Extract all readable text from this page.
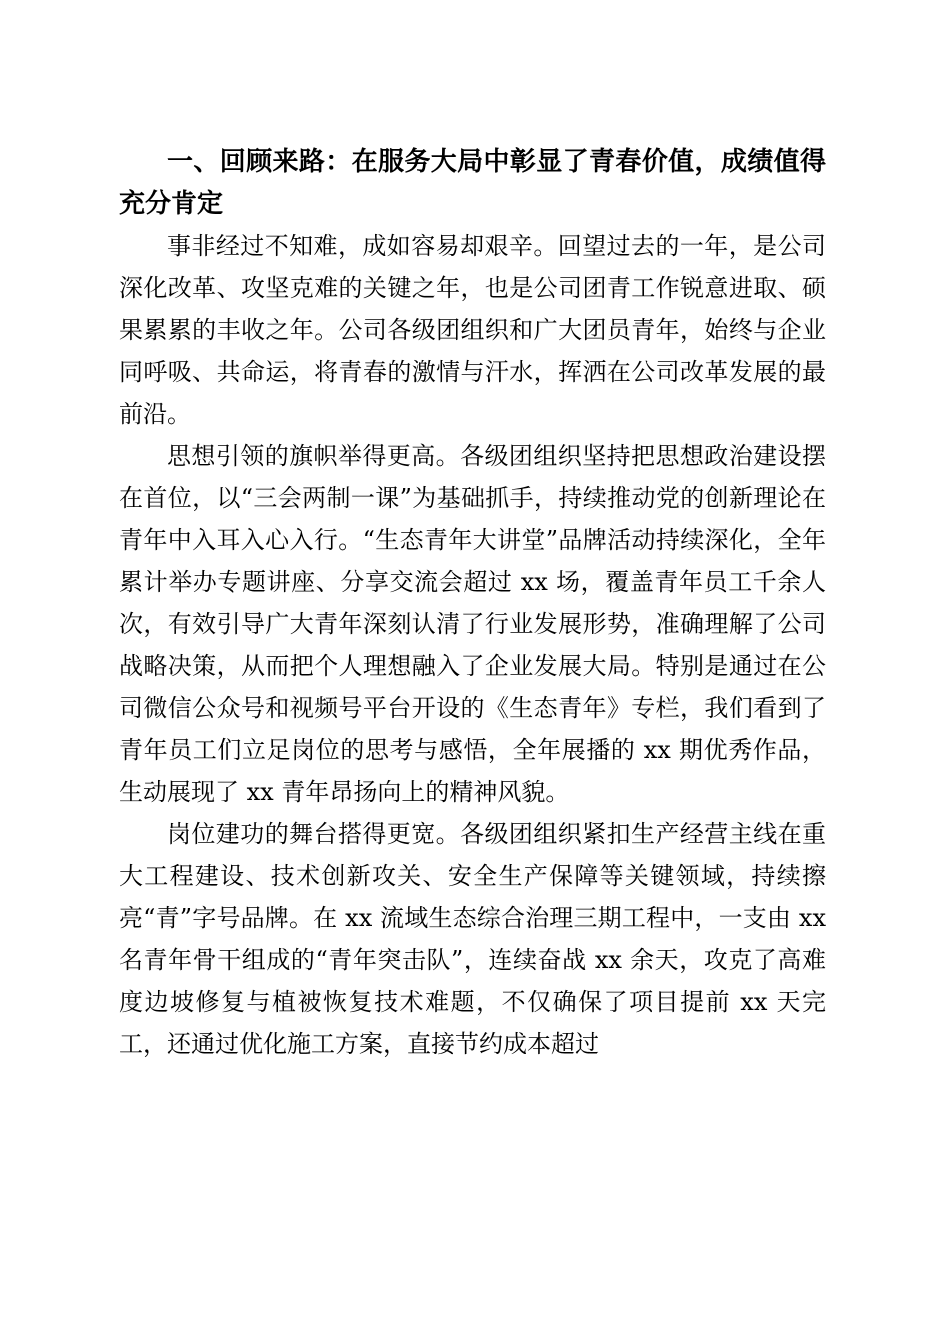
一、回顾来路：在服务大局中彰显了青春价值，成绩值得充分肯定

事非经过不知难，成如容易却艰辛。回望过去的一年，是公司深化改革、攻坚克难的关键之年，也是公司团青工作锐意进取、硕果累累的丰收之年。公司各级团组织和广大团员青年，始终与企业同呼吸、共命运，将青春的激情与汗水，挥洒在公司改革发展的最前沿。

思想引领的旗帜举得更高。各级团组织坚持把思想政治建设摆在首位，以“三会两制一课”为基础抓手，持续推动党的创新理论在青年中入耳入心入行。“生态青年大讲堂”品牌活动持续深化，全年累计举办专题讲座、分享交流会超过 xx 场，覆盖青年员工千余人次，有效引导广大青年深刻认清了行业发展形势，准确理解了公司战略决策，从而把个人理想融入了企业发展大局。特别是通过在公司微信公众号和视频号平台开设的《生态青年》专栏，我们看到了青年员工们立足岗位的思考与感悟，全年展播的 xx 期优秀作品，生动展现了 xx 青年昂扬向上的精神风貌。

岗位建功的舞台搭得更宽。各级团组织紧扣生产经营主线在重大工程建设、技术创新攻关、安全生产保障等关键领域，持续擦亮“青”字号品牌。在 xx 流域生态综合治理三期工程中，一支由 xx 名青年骨干组成的“青年突击队”，连续奋战 xx 余天，攻克了高难度边坡修复与植被恢复技术难题，不仅确保了项目提前 xx 天完工，还通过优化施工方案，直接节约成本超过
